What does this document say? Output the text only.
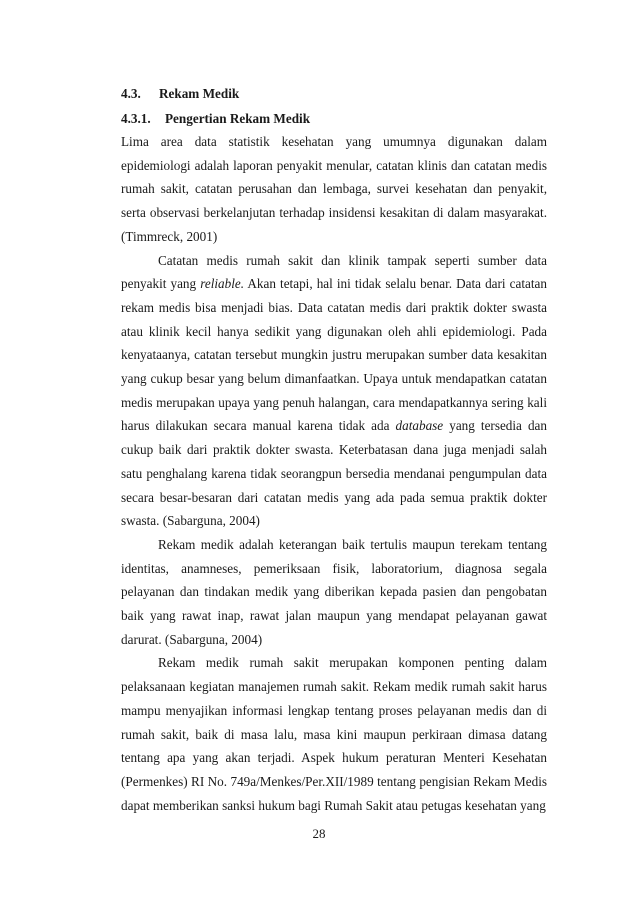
4.3. Rekam Medik
4.3.1. Pengertian Rekam Medik

Lima area data statistik kesehatan yang umumnya digunakan dalam epidemiologi adalah laporan penyakit menular, catatan klinis dan catatan medis rumah sakit, catatan perusahan dan lembaga, survei kesehatan dan penyakit, serta observasi berkelanjutan terhadap insidensi kesakitan di dalam masyarakat. (Timmreck, 2001)

Catatan medis rumah sakit dan klinik tampak seperti sumber data penyakit yang reliable. Akan tetapi, hal ini tidak selalu benar. Data dari catatan rekam medis bisa menjadi bias. Data catatan medis dari praktik dokter swasta atau klinik kecil hanya sedikit yang digunakan oleh ahli epidemiologi. Pada kenyataanya, catatan tersebut mungkin justru merupakan sumber data kesakitan yang cukup besar yang belum dimanfaatkan. Upaya untuk mendapatkan catatan medis merupakan upaya yang penuh halangan, cara mendapatkannya sering kali harus dilakukan secara manual karena tidak ada database yang tersedia dan cukup baik dari praktik dokter swasta. Keterbatasan dana juga menjadi salah satu penghalang karena tidak seorangpun bersedia mendanai pengumpulan data secara besar-besaran dari catatan medis yang ada pada semua praktik dokter swasta. (Sabarguna, 2004)

Rekam medik adalah keterangan baik tertulis maupun terekam tentang identitas, anamneses, pemeriksaan fisik, laboratorium, diagnosa segala pelayanan dan tindakan medik yang diberikan kepada pasien dan pengobatan baik yang rawat inap, rawat jalan maupun yang mendapat pelayanan gawat darurat. (Sabarguna, 2004)

Rekam medik rumah sakit merupakan komponen penting dalam pelaksanaan kegiatan manajemen rumah sakit. Rekam medik rumah sakit harus mampu menyajikan informasi lengkap tentang proses pelayanan medis dan di rumah sakit, baik di masa lalu, masa kini maupun perkiraan dimasa datang tentang apa yang akan terjadi. Aspek hukum peraturan Menteri Kesehatan (Permenkes) RI No. 749a/Menkes/Per.XII/1989 tentang pengisian Rekam Medis dapat memberikan sanksi hukum bagi Rumah Sakit atau petugas kesehatan yang

28
